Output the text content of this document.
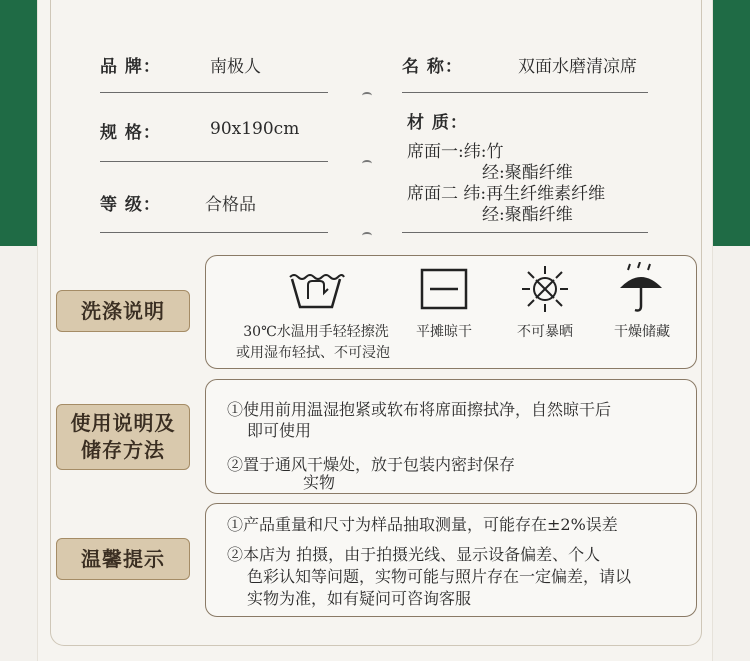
品 牌：	南极人	名 称：	双面水磨清凉席
规 格：	90x190cm
等 级：	合格品
材 质：
席面一:纬:竹
经:聚酯纤维
席面二 纬:再生纤维素纤维
经:聚酯纤维
洗涤说明
30℃水温用手轻轻擦洗
或用湿布轻拭、不可浸泡
平摊晾干	不可暴晒	干燥储藏
使用说明及
储存方法
①使用前用温湿抱紧或软布将席面擦拭净，自然晾干后
即可使用
②置于通风干燥处，放于包装内密封保存
实物
温馨提示
①产品重量和尺寸为样品抽取测量，可能存在±2%误差
②本店为 拍摄，由于拍摄光线、显示设备偏差、个人
色彩认知等问题，实物可能与照片存在一定偏差，请以
实物为准，如有疑问可咨询客服
